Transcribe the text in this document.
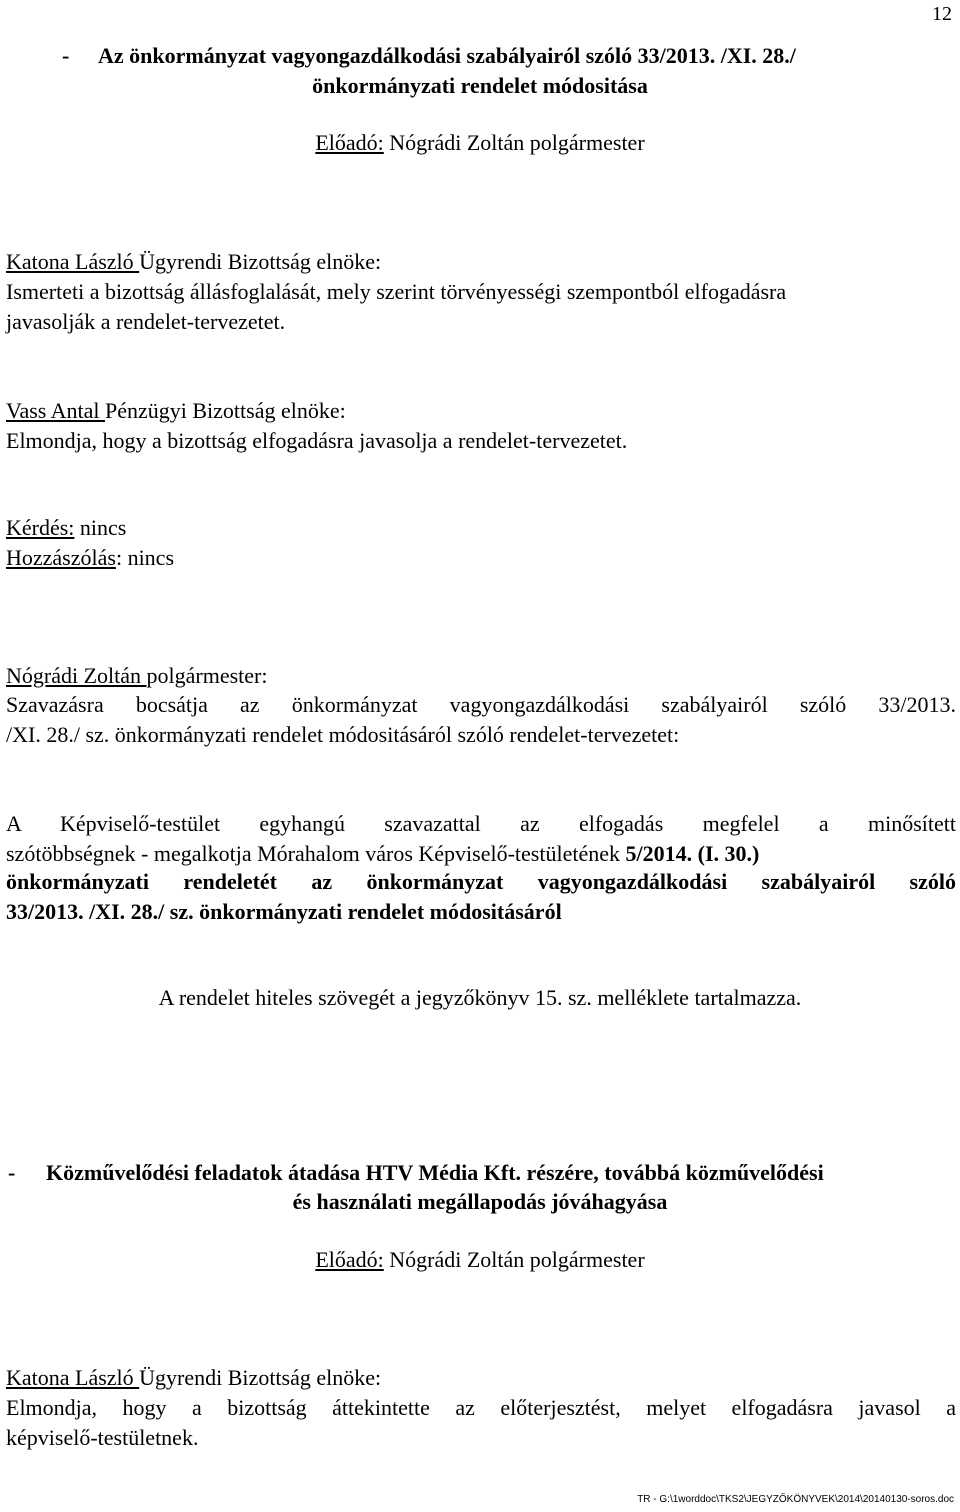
12
- Az önkormányzat vagyongazdálkodási szabályairól szóló 33/2013. /XI. 28./
önkormányzati rendelet módositása
Előadó: Nógrádi Zoltán polgármester
Katona László Ügyrendi Bizottság elnöke:
Ismerteti a bizottság állásfoglalását, mely szerint törvényességi szempontból elfogadásra
javasolják a rendelet-tervezetet.
Vass Antal Pénzügyi Bizottság elnöke:
Elmondja, hogy a bizottság elfogadásra javasolja a rendelet-tervezetet.
Kérdés: nincs
Hozzászólás: nincs
Nógrádi Zoltán polgármester:
Szavazásra bocsátja az önkormányzat vagyongazdálkodási szabályairól szóló 33/2013.
/XI. 28./ sz. önkormányzati rendelet módositásáról szóló rendelet-tervezetet:
A Képviselő-testület egyhangú szavazattal az elfogadás megfelel a minősített
szótöbbségnek - megalkotja Mórahalom város Képviselő-testületének 5/2014. (I. 30.)
önkormányzati rendeletét az önkormányzat vagyongazdálkodási szabályairól szóló
33/2013. /XI. 28./ sz. önkormányzati rendelet módositásáról
A rendelet hiteles szövegét a jegyzőkönyv 15. sz. melléklete tartalmazza.
- Közművelődési feladatok átadása HTV Média Kft. részére, továbbá közművelődési
és használati megállapodás jóváhagyása
Előadó: Nógrádi Zoltán polgármester
Katona László Ügyrendi Bizottság elnöke:
Elmondja, hogy a bizottság áttekintette az előterjesztést, melyet elfogadásra javasol a
képviselő-testületnek.
TR - G:\1worddoc\TKS2\JEGYZŐKÖNYVEK\2014\20140130-soros.doc
